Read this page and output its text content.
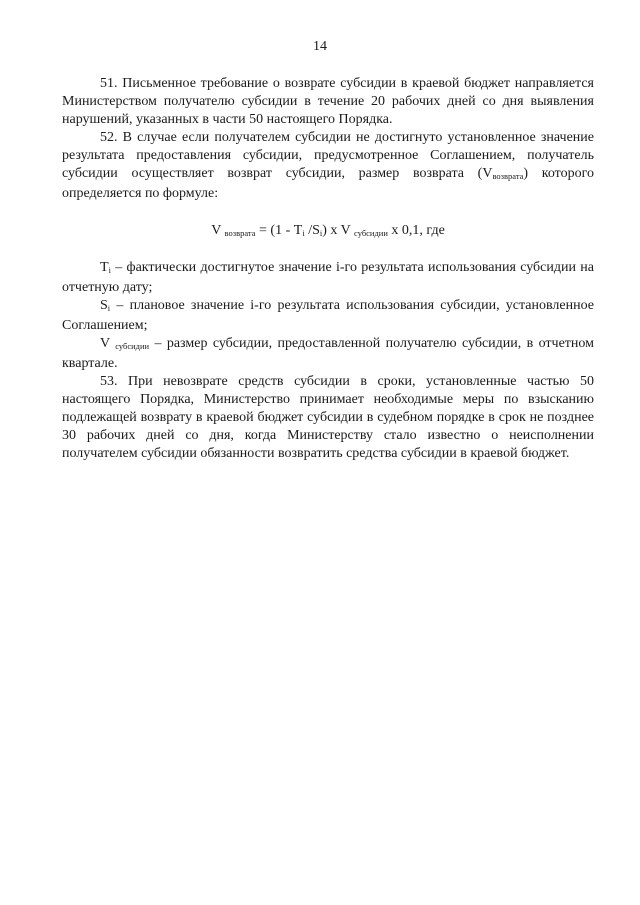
14

51. Письменное требование о возврате субсидии в краевой бюджет направляется Министерством получателю субсидии в течение 20 рабочих дней со дня выявления нарушений, указанных в части 50 настоящего Порядка.

52. В случае если получателем субсидии не достигнуто установленное значение результата предоставления субсидии, предусмотренное Соглашением, получатель субсидии осуществляет возврат субсидии, размер возврата $(V_{возврата})$ которого определяется по формуле:

V $_{возврата} = (1 - T_i$ $/S_i$) x V $_{субсидии}$ x 0,1, где

$T_i$ – фактически достигнутое значение i-го результата использования субсидии на отчетную дату;

$S_i$ – плановое значение i-го результата использования субсидии, установленное Соглашением;

V $_{субсидии}$ – размер субсидии, предоставленной получателю субсидии, в отчетном квартале.

53. При невозврате средств субсидии в сроки, установленные частью 50 настоящего Порядка, Министерство принимает необходимые меры по взысканию подлежащей возврату в краевой бюджет субсидии в судебном порядке в срок не позднее 30 рабочих дней со дня, когда Министерству стало известно о неисполнении получателем субсидии обязанности возвратить средства субсидии в краевой бюджет.
